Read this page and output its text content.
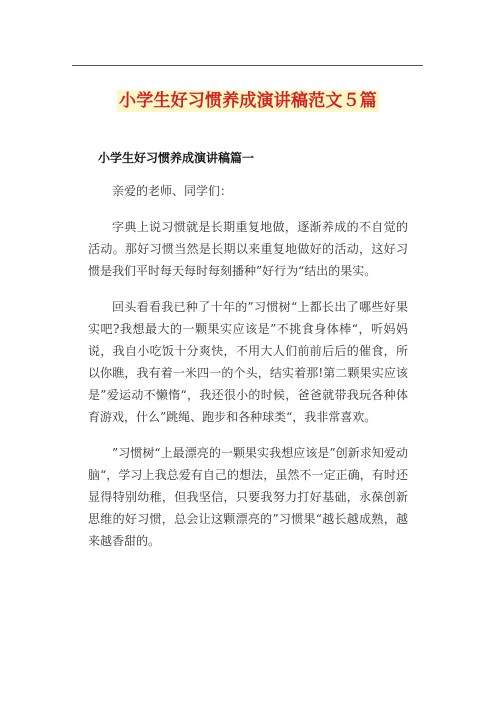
小学生好习惯养成演讲稿范文５篇
小学生好习惯养成演讲稿篇一

亲爱的老师、同学们：

字典上说习惯就是长期重复地做，逐渐养成的不自觉的活动。那好习惯当然是长期以来重复地做好的活动，这好习惯是我们平时每天每时每刻播种”好行为“结出的果实。

回头看看我已种了十年的”习惯树“上都长出了哪些好果实吧?我想最大的一颗果实应该是”不挑食身体棒“，听妈妈说，我自小吃饭十分爽快，不用大人们前前后后的催食，所以你瞧，我有着一米四一的个头，结实着那!第二颗果实应该是”爱运动不懒惰“，我还很小的时候，爸爸就带我玩各种体育游戏，什么”跳绳、跑步和各种球类“，我非常喜欢。

”习惯树“上最漂亮的一颗果实我想应该是”创新求知爱动脑“，学习上我总爱有自己的想法，虽然不一定正确，有时还显得特别幼稚，但我坚信，只要我努力打好基础，永葆创新思维的好习惯，总会让这颗漂亮的”习惯果“越长越成熟，越来越香甜的。
